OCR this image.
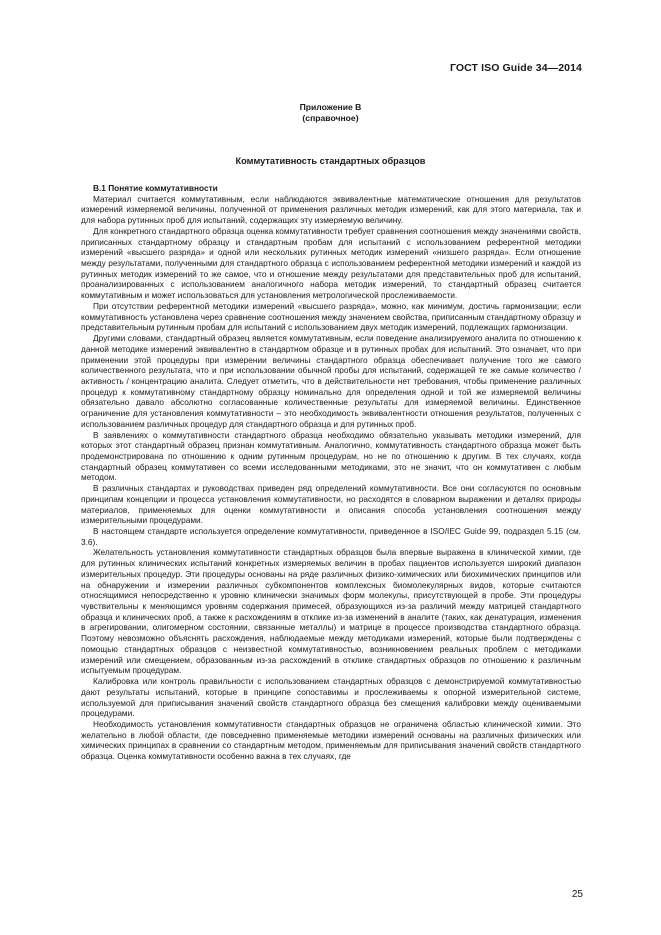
ГОСТ ISO Guide 34—2014
Приложение В
(справочное)
Коммутативность стандартных образцов

В.1 Понятие коммутативности

Материал считается коммутативным, если наблюдаются эквивалентные математические отношения для результатов измерений измеряемой величины, полученной от применения различных методик измерений, как для этого материала, так и для набора рутинных проб для испытаний, содержащих эту измеряемую величину.

Для конкретного стандартного образца оценка коммутативности требует сравнения соотношения между значениями свойств, приписанных стандартному образцу и стандартным пробам для испытаний с использованием референтной методики измерений «высшего разряда» и одной или нескольких рутинных методик измерений «низшего разряда». Если отношение между результатами, полученными для стандартного образца с использованием референтной методики измерений и каждой из рутинных методик измерений то же самое, что и отношение между результатами для представительных проб для испытаний, проанализированных с использованием аналогичного набора методик измерений, то стандартный образец считается коммутативным и может использоваться для установления метрологической прослеживаемости.

При отсутствии референтной методики измерений «высшего разряда», можно, как минимум, достичь гармонизации; если коммутативность установлена через сравнение соотношения между значением свойства, приписанным стандартному образцу и представительным рутинным пробам для испытаний с использованием двух методик измерений, подлежащих гармонизации.

Другими словами, стандартный образец является коммутативным, если поведение анализируемого аналита по отношению к данной методике измерений эквивалентно в стандартном образце и в рутинных пробах для испытаний. Это означает, что при применении этой процедуры при измерении величины стандартного образца обеспечивает получение того же самого количественного результата, что и при использовании обычной пробы для испытаний, содержащей те же самые количество / активность / концентрацию аналита. Следует отметить, что в действительности нет требования, чтобы применение различных процедур к коммутативному стандартному образцу номинально для определения одной и той же измеряемой величины обязательно давало абсолютно согласованные количественные результаты для измеряемой величины. Единственное ограничение для установления коммутативности – это необходимость эквивалентности отношения результатов, полученных с использованием различных процедур для стандартного образца и для рутинных проб.

В заявлениях о коммутативности стандартного образца необходимо обязательно указывать методики измерений, для которых этот стандартный образец признан коммутативным. Аналогично, коммутативность стандартного образца может быть продемонстрирована по отношению к одним рутинным процедурам, но не по отношению к другим. В тех случаях, когда стандартный образец коммутативен со всеми исследованными методиками, это не значит, что он коммутативен с любым методом.

В различных стандартах и руководствах приведен ряд определений коммутативности. Все они согласуются по основным принципам концепции и процесса установления коммутативности, но расходятся в словарном выражении и деталях природы материалов, применяемых для оценки коммутативности и описания способа установления соотношения между измерительными процедурами.

В настоящем стандарте используется определение коммутативности, приведенное в ISO/IEC Guide 99, подраздел 5.15 (см. 3.6).

Желательность установления коммутативности стандартных образцов была впервые выражена в клинической химии, где для рутинных клинических испытаний конкретных измеряемых величин в пробах пациентов используется широкий диапазон измерительных процедур. Эти процедуры основаны на ряде различных физико-химических или биохимических принципов или на обнаружении и измерении различных субкомпонентов комплексных биомолекулярных видов, которые считаются относящимися непосредственно к уровню клинически значимых форм молекулы, присутствующей в пробе. Эти процедуры чувствительны к меняющимся уровням содержания примесей, образующихся из-за различий между матрицей стандартного образца и клинических проб, а также к расхождениям в отклике из-за изменений в аналите (таких, как денатурация, изменения в агрегировании, олигомерном состоянии, связанные металлы) и матрице в процессе производства стандартного образца. Поэтому невозможно объяснять расхождения, наблюдаемые между методиками измерений, которые были подтверждены с помощью стандартных образцов с неизвестной коммутативностью, возникновением реальных проблем с методиками измерений или смещением, образованным из-за расхождений в отклике стандартных образцов по отношению к различным испытуемым процедурам.

Калибровка или контроль правильности с использованием стандартных образцов с демонстрируемой коммутативностью дают результаты испытаний, которые в принципе сопоставимы и прослеживаемы к опорной измерительной системе, используемой для приписывания значений свойств стандартного образца без смещения калибровки между оцениваемыми процедурами.

Необходимость установления коммутативности стандартных образцов не ограничена областью клинической химии. Это желательно в любой области, где повседневно применяемые методики измерений основаны на различных физических или химических принципах в сравнении со стандартным методом, применяемым для приписывания значений свойств стандартного образца. Оценка коммутативности особенно важна в тех случаях, где

25
